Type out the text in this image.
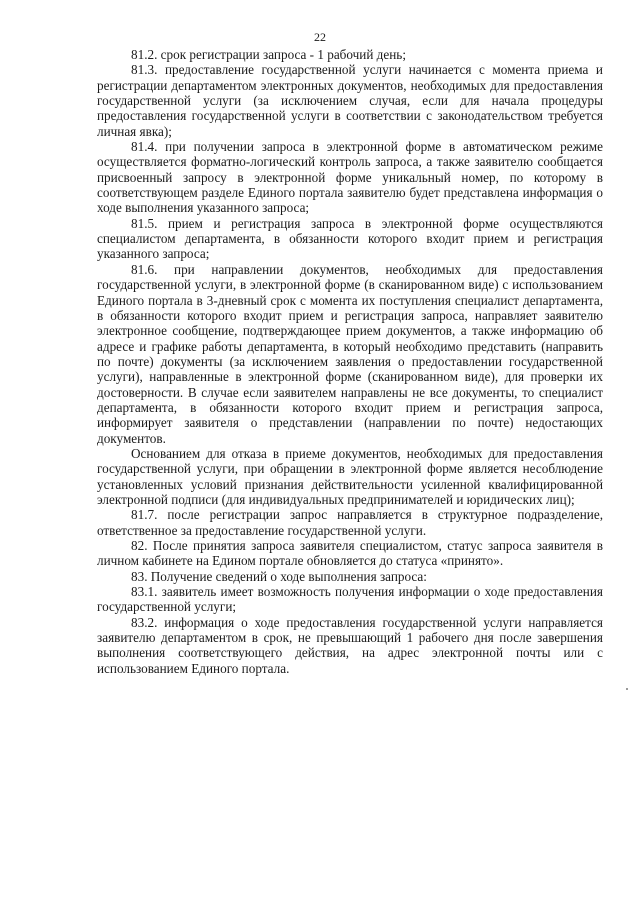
22

81.2. срок регистрации запроса - 1 рабочий день;

81.3. предоставление государственной услуги начинается с момента приема и регистрации департаментом электронных документов, необходимых для предоставления государственной услуги (за исключением случая, если для начала процедуры предоставления государственной услуги в соответствии с законодательством требуется личная явка);

81.4. при получении запроса в электронной форме в автоматическом режиме осуществляется форматно-логический контроль запроса, а также заявителю сообщается присвоенный запросу в электронной форме уникальный номер, по которому в соответствующем разделе Единого портала заявителю будет представлена информация о ходе выполнения указанного запроса;

81.5. прием и регистрация запроса в электронной форме осуществляются специалистом департамента, в обязанности которого входит прием и регистрация указанного запроса;

81.6. при направлении документов, необходимых для предоставления государственной услуги, в электронной форме (в сканированном виде) с использованием Единого портала в 3-дневный срок с момента их поступления специалист департамента, в обязанности которого входит прием и регистрация запроса, направляет заявителю электронное сообщение, подтверждающее прием документов, а также информацию об адресе и графике работы департамента, в который необходимо представить (направить по почте) документы (за исключением заявления о предоставлении государственной услуги), направленные в электронной форме (сканированном виде), для проверки их достоверности. В случае если заявителем направлены не все документы, то специалист департамента, в обязанности которого входит прием и регистрация запроса, информирует заявителя о представлении (направлении по почте) недостающих документов.

Основанием для отказа в приеме документов, необходимых для предоставления государственной услуги, при обращении в электронной форме является несоблюдение установленных условий признания действительности усиленной квалифицированной электронной подписи (для индивидуальных предпринимателей и юридических лиц);

81.7. после регистрации запрос направляется в структурное подразделение, ответственное за предоставление государственной услуги.

82. После принятия запроса заявителя специалистом, статус запроса заявителя в личном кабинете на Едином портале обновляется до статуса «принято».

83. Получение сведений о ходе выполнения запроса:

83.1. заявитель имеет возможность получения информации о ходе предоставления государственной услуги;

83.2. информация о ходе предоставления государственной услуги направляется заявителю департаментом в срок, не превышающий 1 рабочего дня после завершения выполнения соответствующего действия, на адрес электронной почты или с использованием Единого портала.
